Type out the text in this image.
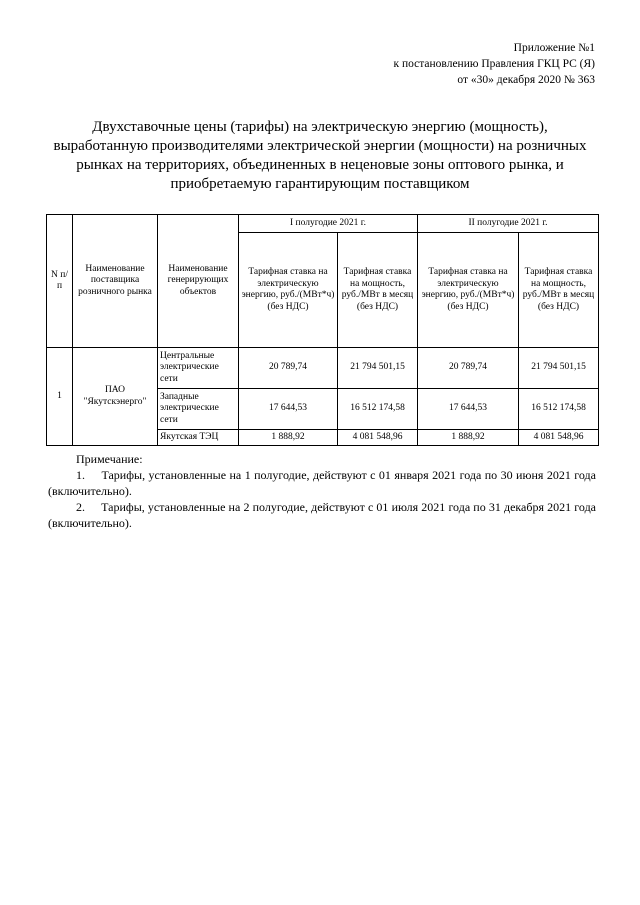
Приложение №1
к постановлению Правления ГКЦ РС (Я)
от «30» декабря 2020 № 363
Двухставочные цены (тарифы) на электрическую энергию (мощность),
выработанную производителями электрической энергии (мощности) на розничных
рынках на территориях, объединенных в неценовые зоны оптового рынка, и
приобретаемую гарантирующим поставщиком
N п/п	Наименование поставщика розничного рынка	Наименование генерирующих объектов	I полугодие 2021 г.		II полугодие 2021 г.	
			Тарифная ставка на электрическую энергию, руб./(МВт*ч) (без НДС)	Тарифная ставка на мощность, руб./МВт в месяц (без НДС)	Тарифная ставка на электрическую энергию, руб./(МВт*ч) (без НДС)	Тарифная ставка на мощность, руб./МВт в месяц (без НДС)
1	ПАО "Якутскэнерго"	Центральные электрические сети	20 789,74	21 794 501,15	20 789,74	21 794 501,15
		Западные электрические сети	17 644,53	16 512 174,58	17 644,53	16 512 174,58
		Якутская ТЭЦ	1 888,92	4 081 548,96	1 888,92	4 081 548,96
Примечание:
1. Тарифы, установленные на 1 полугодие, действуют с 01 января 2021 года по 30 июня 2021 года (включительно).
2. Тарифы, установленные на 2 полугодие, действуют с 01 июля 2021 года по 31 декабря 2021 года (включительно).
